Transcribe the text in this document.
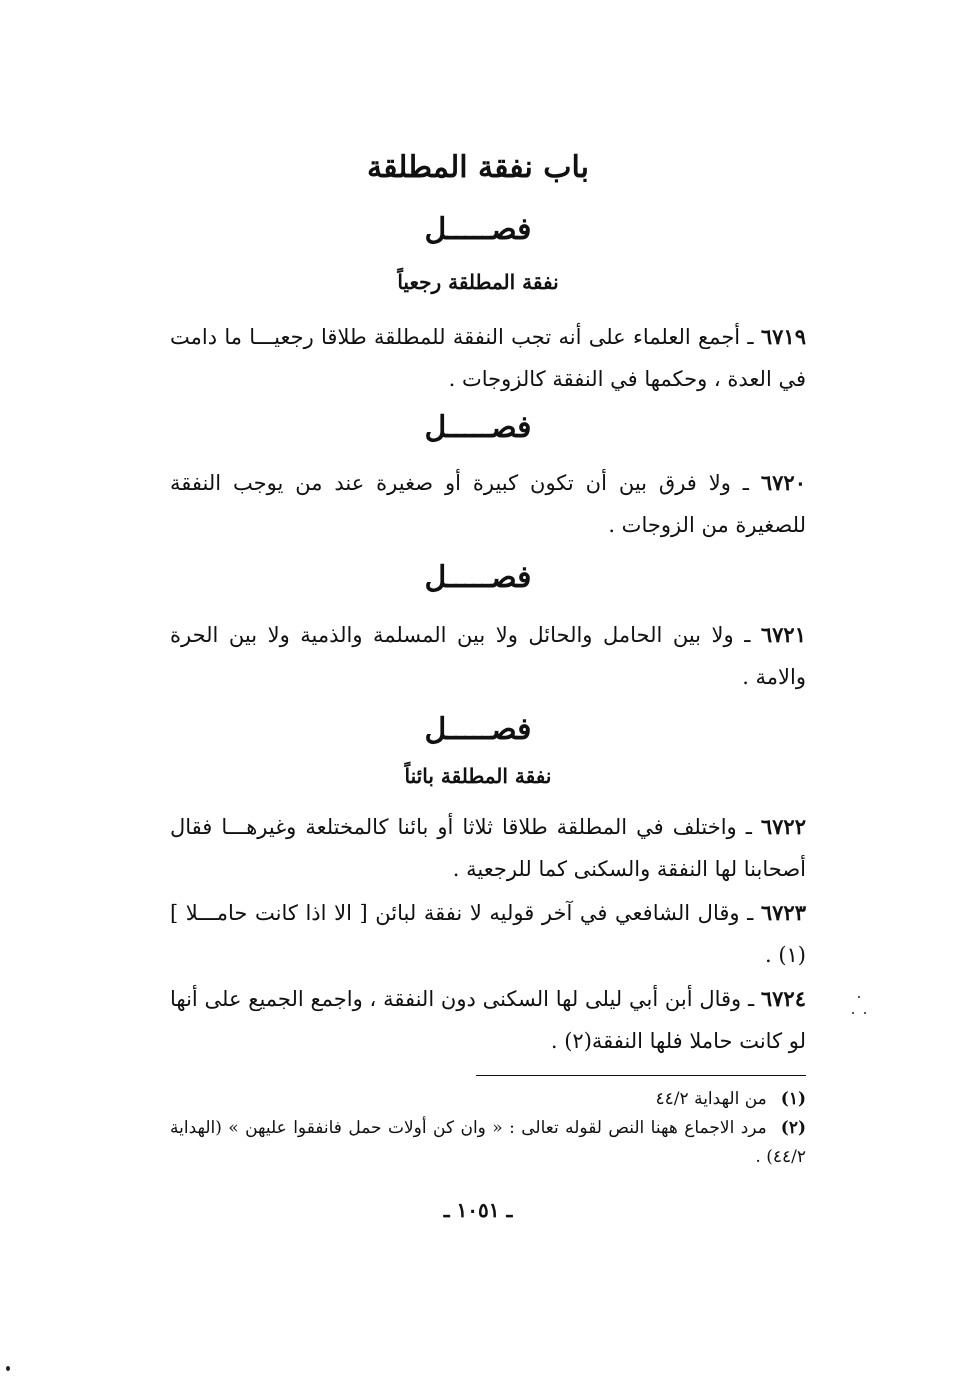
باب نفقة المطلقة
فصـــــل
نفقة المطلقة رجعياً
٦٧١٩ ـ أجمع العلماء على أنه تجب النفقة للمطلقة طلاقا رجعيـــا ما دامت في العدة ، وحكمها في النفقة كالزوجات .
فصـــــل
٦٧٢٠ ـ ولا فرق بين أن تكون كبيرة أو صغيرة عند من يوجب النفقة للصغيرة من الزوجات .
فصـــــل
٦٧٢١ ـ ولا بين الحامل والحائل ولا بين المسلمة والذمية ولا بين الحرة والامة .
فصـــــل
نفقة المطلقة بائناً
٦٧٢٢ ـ واختلف في المطلقة طلاقا ثلاثا أو بائنا كالمختلعة وغيرهـــا فقال أصحابنا لها النفقة والسكنى كما للرجعية .
٦٧٢٣ ـ وقال الشافعي في آخر قوليه لا نفقة لبائن [ الا اذا كانت حامـــلا ](١) .
٦٧٢٤ ـ وقال أبن أبي ليلى لها السكنى دون النفقة ، واجمع الجميع على أنها لو كانت حاملا فلها النفقة(٢) .
(١)من الهداية ٤٤/٢
(٢)مرد الاجماع ههنا النص لقوله تعالى : « وان كن أولات حمل فانفقوا عليهن » (الهداية ٤٤/٢) .
ـ ١٠٥١ ـ
